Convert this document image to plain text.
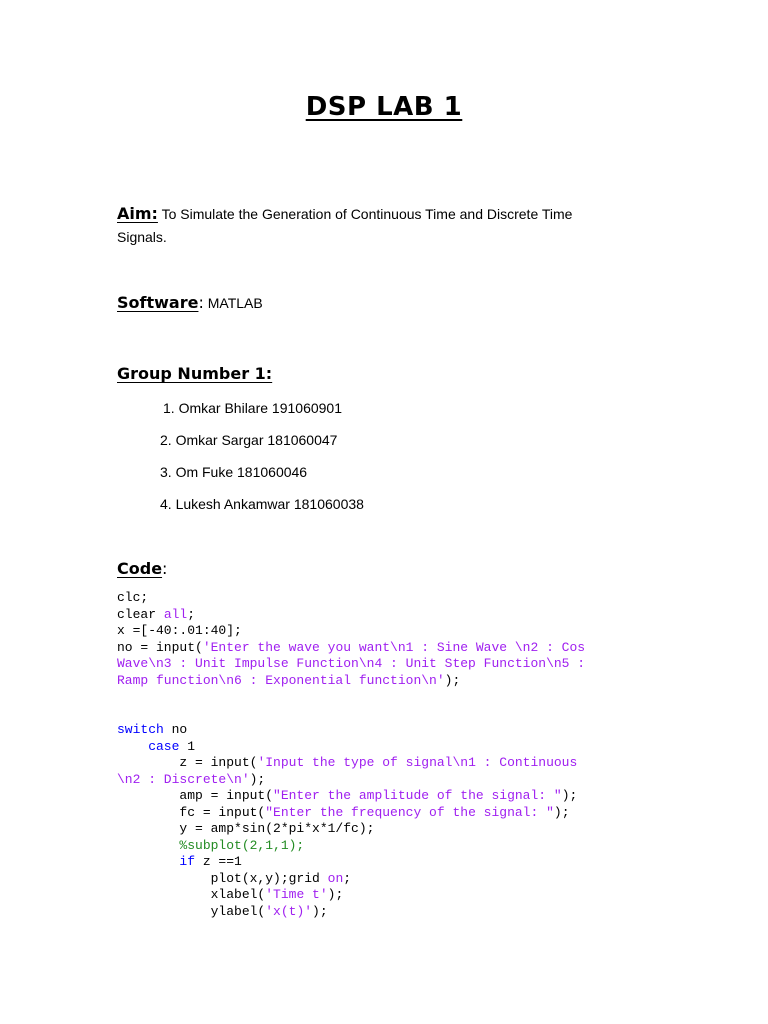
DSP LAB 1
Aim: To Simulate the Generation of Continuous Time and Discrete Time
Signals.
Software: MATLAB
Group Number 1:
1. Omkar Bhilare 191060901
2. Omkar Sargar 181060047
3. Om Fuke 181060046
4. Lukesh Ankamwar 181060038
Code:
clc;
clear all;
x =[-40:.01:40];
no = input('Enter the wave you want\n1 : Sine Wave \n2 : Cos
Wave\n3 : Unit Impulse Function\n4 : Unit Step Function\n5 :
Ramp function\n6 : Exponential function\n');
switch no
case 1
z = input('Input the type of signal\n1 : Continuous
\n2 : Discrete\n');
amp = input("Enter the amplitude of the signal: ");
fc = input("Enter the frequency of the signal: ");
y = amp*sin(2*pi*x*1/fc);
%subplot(2,1,1);
if z ==1
plot(x,y);grid on;
xlabel('Time t');
ylabel('x(t)');
